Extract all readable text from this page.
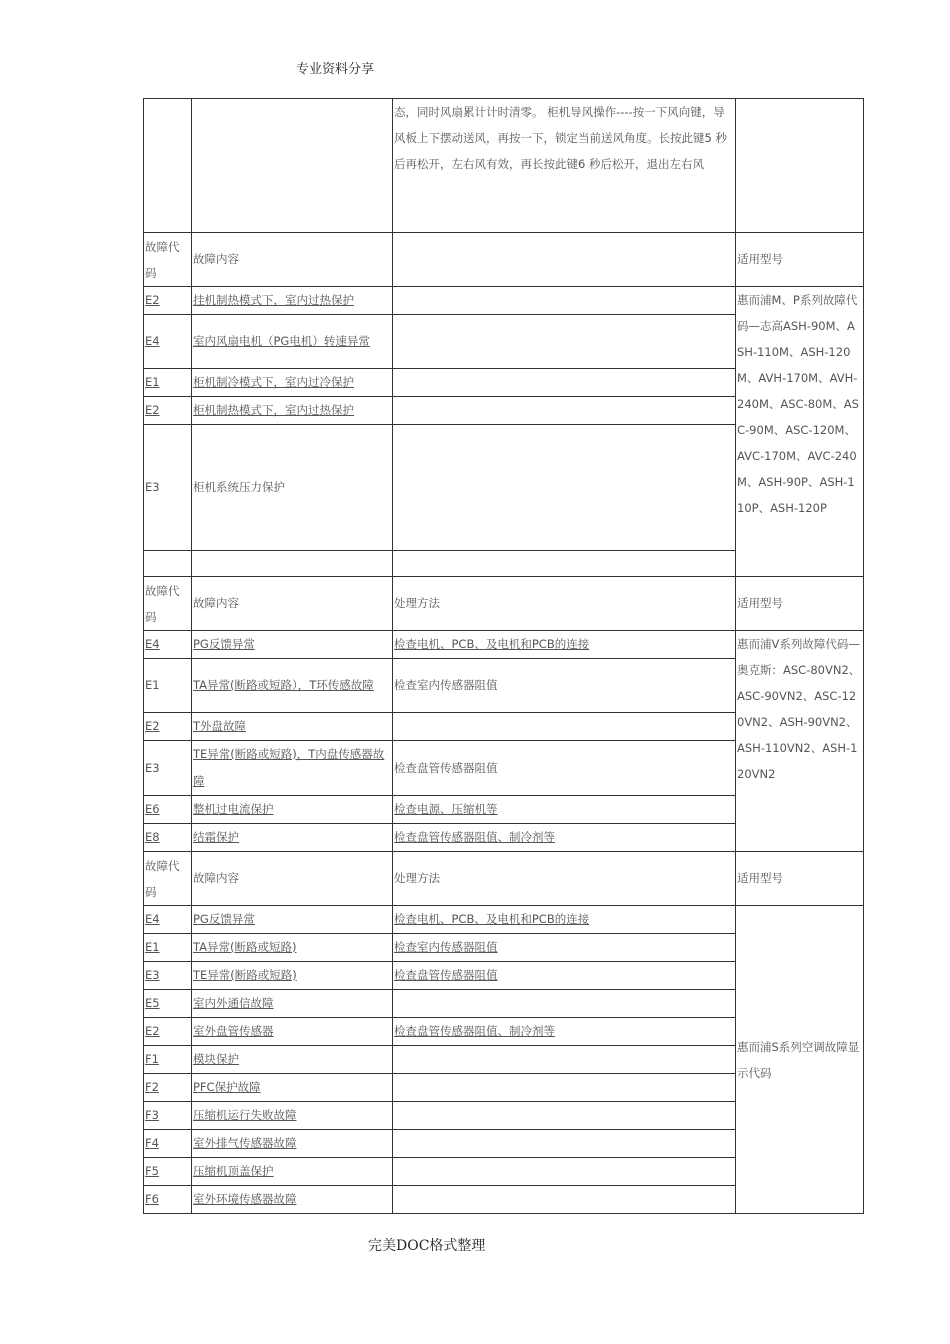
专业资料分享
		态，同时风扇累计计时清零。 柜机导风操作----按一下风向键，导风板上下摆动送风，再按一下，锁定当前送风角度。长按此键5 秒后再松开，左右风有效，再长按此键6 秒后松开，退出左右风	
故障代码	故障内容		适用型号
E2	挂机制热模式下，室内过热保护		惠而浦M、P系列故障代码—志高ASH-90M、ASH-110M、ASH-120M、AVH-170M、AVH-240M、ASC-80M、ASC-90M、ASC-120M、AVC-170M、AVC-240M、ASH-90P、ASH-110P、ASH-120P
E4	室内风扇电机（PG电机）转速异常		
E1	柜机制冷模式下，室内过冷保护		
E2	柜机制热模式下，室内过热保护		
E3	柜机系统压力保护		

故障代码	故障内容	处理方法	适用型号
E4	PG反馈异常	检查电机、PCB、及电机和PCB的连接	惠而浦V系列故障代码—奥克斯：ASC-80VN2、ASC-90VN2、ASC-120VN2、ASH-90VN2、ASH-110VN2、ASH-120VN2
E1	TA异常(断路或短路），T环传感故障	检查室内传感器阻值	
E2	T外盘故障		
E3	TE异常(断路或短路)，T内盘传感器故障	检查盘管传感器阻值	
E6	整机过电流保护	检查电源、压缩机等	
E8	结霜保护	检查盘管传感器阻值、制冷剂等	
故障代码	故障内容	处理方法	适用型号
E4	PG反馈异常	检查电机、PCB、及电机和PCB的连接	惠而浦S系列空调故障显示代码
E1	TA异常(断路或短路)	检查室内传感器阻值	
E3	TE异常(断路或短路)	检查盘管传感器阻值	
E5	室内外通信故障		
E2	室外盘管传感器	检查盘管传感器阻值、制冷剂等	
F1	模块保护		
F2	PFC保护故障		
F3	压缩机运行失败故障		
F4	室外排气传感器故障		
F5	压缩机顶盖保护		
F6	室外环境传感器故障		
完美DOC格式整理
